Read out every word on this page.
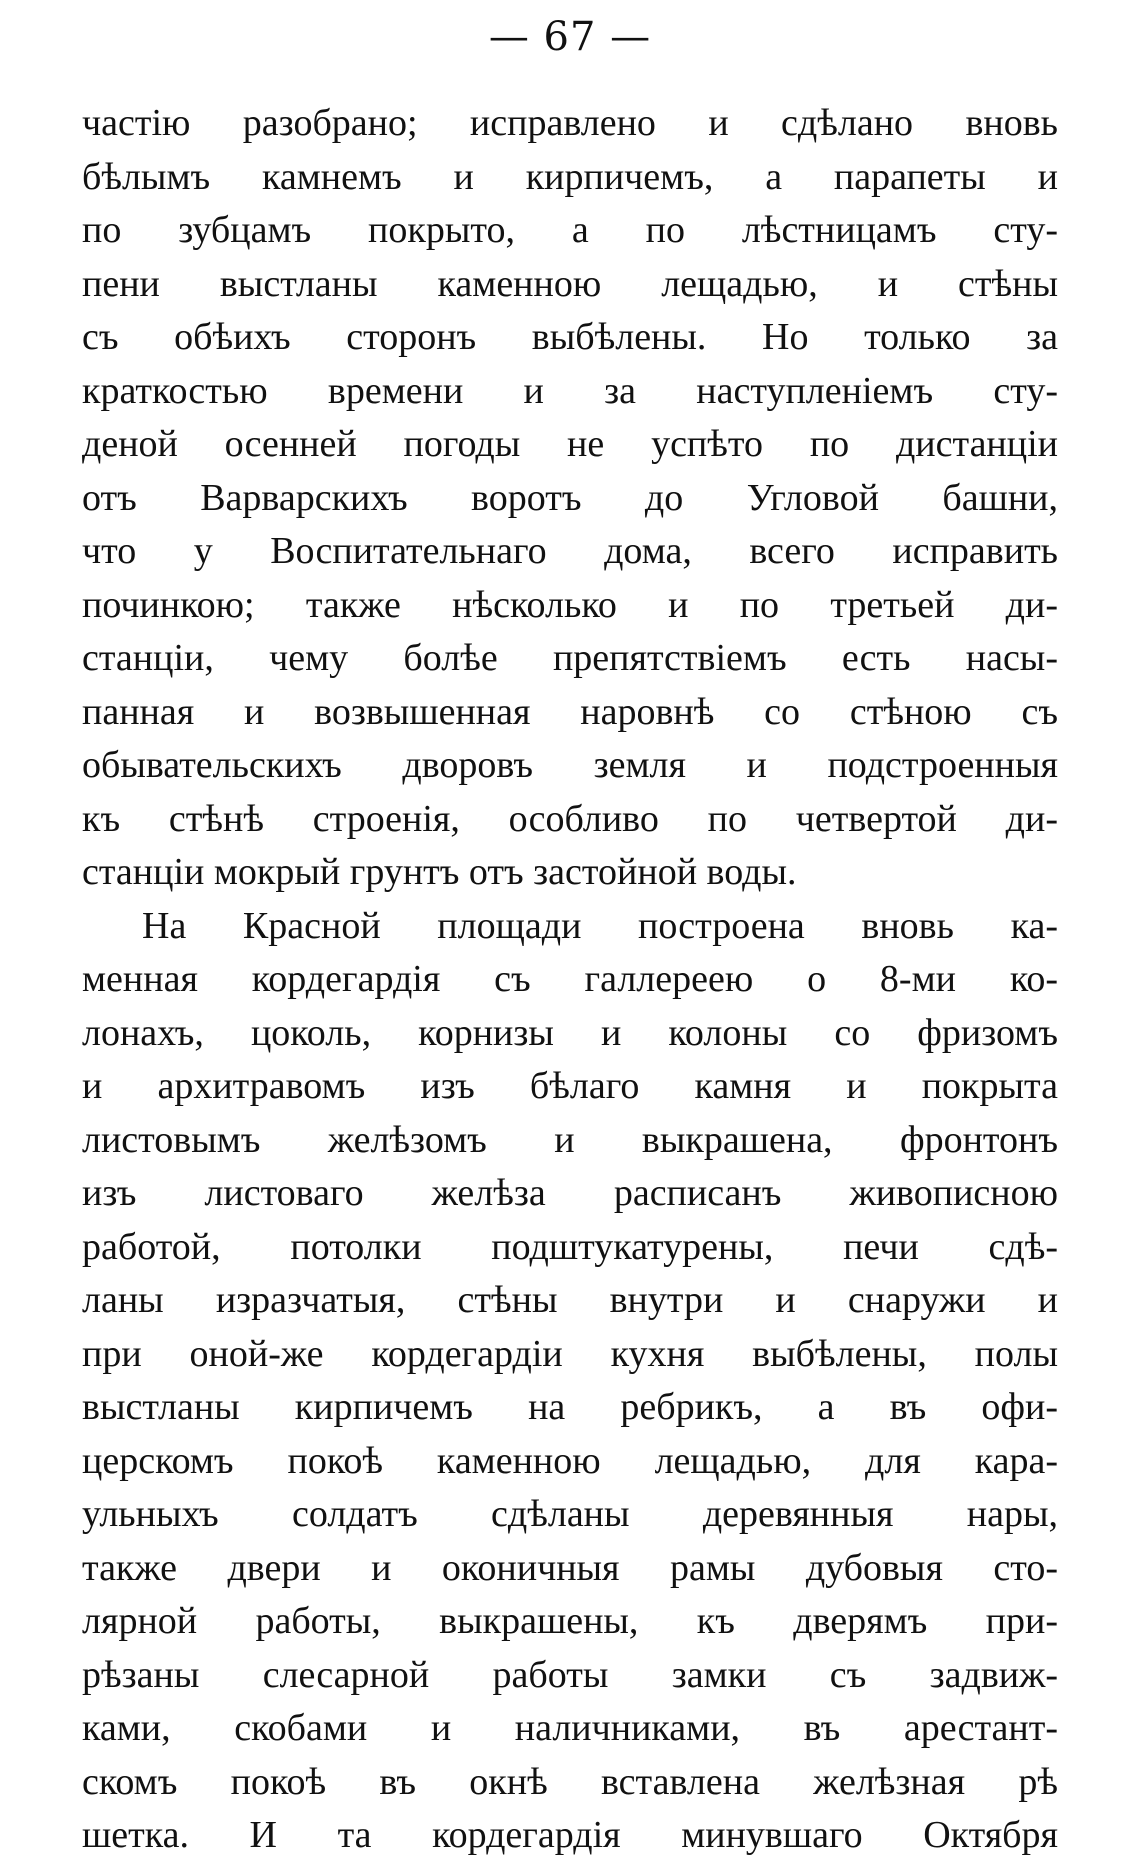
— 67 —
частію разобрано; исправлено и сдѣлано вновь
бѣлымъ камнемъ и кирпичемъ, а парапеты и
по зубцамъ покрыто, а по лѣстницамъ сту-
пени выстланы каменною лещадью, и стѣны
съ обѣихъ сторонъ выбѣлены. Но только за
краткостью времени и за наступленіемъ сту-
деной осенней погоды не успѣто по дистанціи
отъ Варварскихъ воротъ до Угловой башни,
что у Воспитательнаго дома, всего исправить
починкою; также нѣсколько и по третьей ди-
станціи, чему болѣе препятствіемъ есть насы-
панная и возвышенная наровнѣ со стѣною съ
обывательскихъ дворовъ земля и подстроенныя
къ стѣнѣ строенія, особливо по четвертой ди-
станціи мокрый грунтъ отъ застойной воды.
На Красной площади построена вновь ка-
менная кордегардія съ галлереею о 8-ми ко-
лонахъ, цоколь, корнизы и колоны со фризомъ
и архитравомъ изъ бѣлаго камня и покрыта
листовымъ желѣзомъ и выкрашена, фронтонъ
изъ листоваго желѣза расписанъ живописною
работой, потолки подштукатурены, печи сдѣ-
ланы изразчатыя, стѣны внутри и снаружи и
при оной-же кордегардіи кухня выбѣлены, полы
выстланы кирпичемъ на ребрикъ, а въ офи-
церскомъ покоѣ каменною лещадью, для кара-
ульныхъ солдатъ сдѣланы деревянныя нары,
также двери и оконичныя рамы дубовыя сто-
лярной работы, выкрашены, къ дверямъ при-
рѣзаны слесарной работы замки съ задвиж-
ками, скобами и наличниками, въ арестант-
скомъ покоѣ въ окнѣ вставлена желѣзная рѣ
шетка. И та кордегардія минувшаго Октября
